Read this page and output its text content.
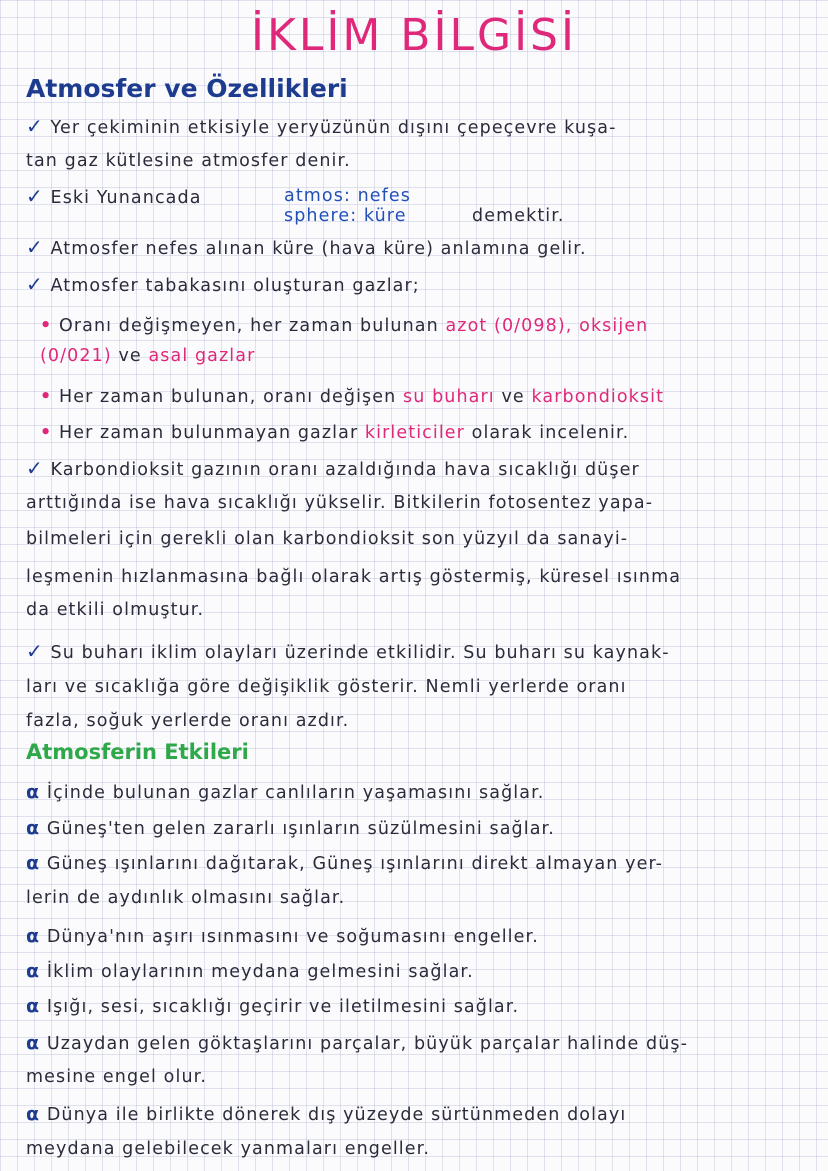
İKLİM BİLGİSİ
Atmosfer ve Özellikleri
✓ Yer çekiminin etkisiyle yeryüzünün dışını çepeçevre kuşa-
tan gaz kütlesine atmosfer denir.
✓ Eski Yunancada	atmos: nefes
sphere: küre	demektir.
✓ Atmosfer nefes alınan küre (hava küre) anlamına gelir.
✓ Atmosfer tabakasını oluşturan gazlar;
• Oranı değişmeyen, her zaman bulunan azot (0/098), oksijen
(0/021) ve asal gazlar
• Her zaman bulunan, oranı değişen su buharı ve karbondioksit
• Her zaman bulunmayan gazlar kirleticiler olarak incelenir.
✓ Karbondioksit gazının oranı azaldığında hava sıcaklığı düşer
arttığında ise hava sıcaklığı yükselir. Bitkilerin fotosentez yapa-
bilmeleri için gerekli olan karbondioksit son yüzyıl da sanayi-
leşmenin hızlanmasına bağlı olarak artış göstermiş, küresel ısınma
da etkili olmuştur.
✓ Su buharı iklim olayları üzerinde etkilidir. Su buharı su kaynak-
ları ve sıcaklığa göre değişiklik gösterir. Nemli yerlerde oranı
fazla, soğuk yerlerde oranı azdır.
Atmosferin Etkileri
α İçinde bulunan gazlar canlıların yaşamasını sağlar.
α Güneş'ten gelen zararlı ışınların süzülmesini sağlar.
α Güneş ışınlarını dağıtarak, Güneş ışınlarını direkt almayan yer-
lerin de aydınlık olmasını sağlar.
α Dünya'nın aşırı ısınmasını ve soğumasını engeller.
α İklim olaylarının meydana gelmesini sağlar.
α Işığı, sesi, sıcaklığı geçirir ve iletilmesini sağlar.
α Uzaydan gelen göktaşlarını parçalar, büyük parçalar halinde düş-
mesine engel olur.
α Dünya ile birlikte dönerek dış yüzeyde sürtünmeden dolayı
meydana gelebilecek yanmaları engeller.
